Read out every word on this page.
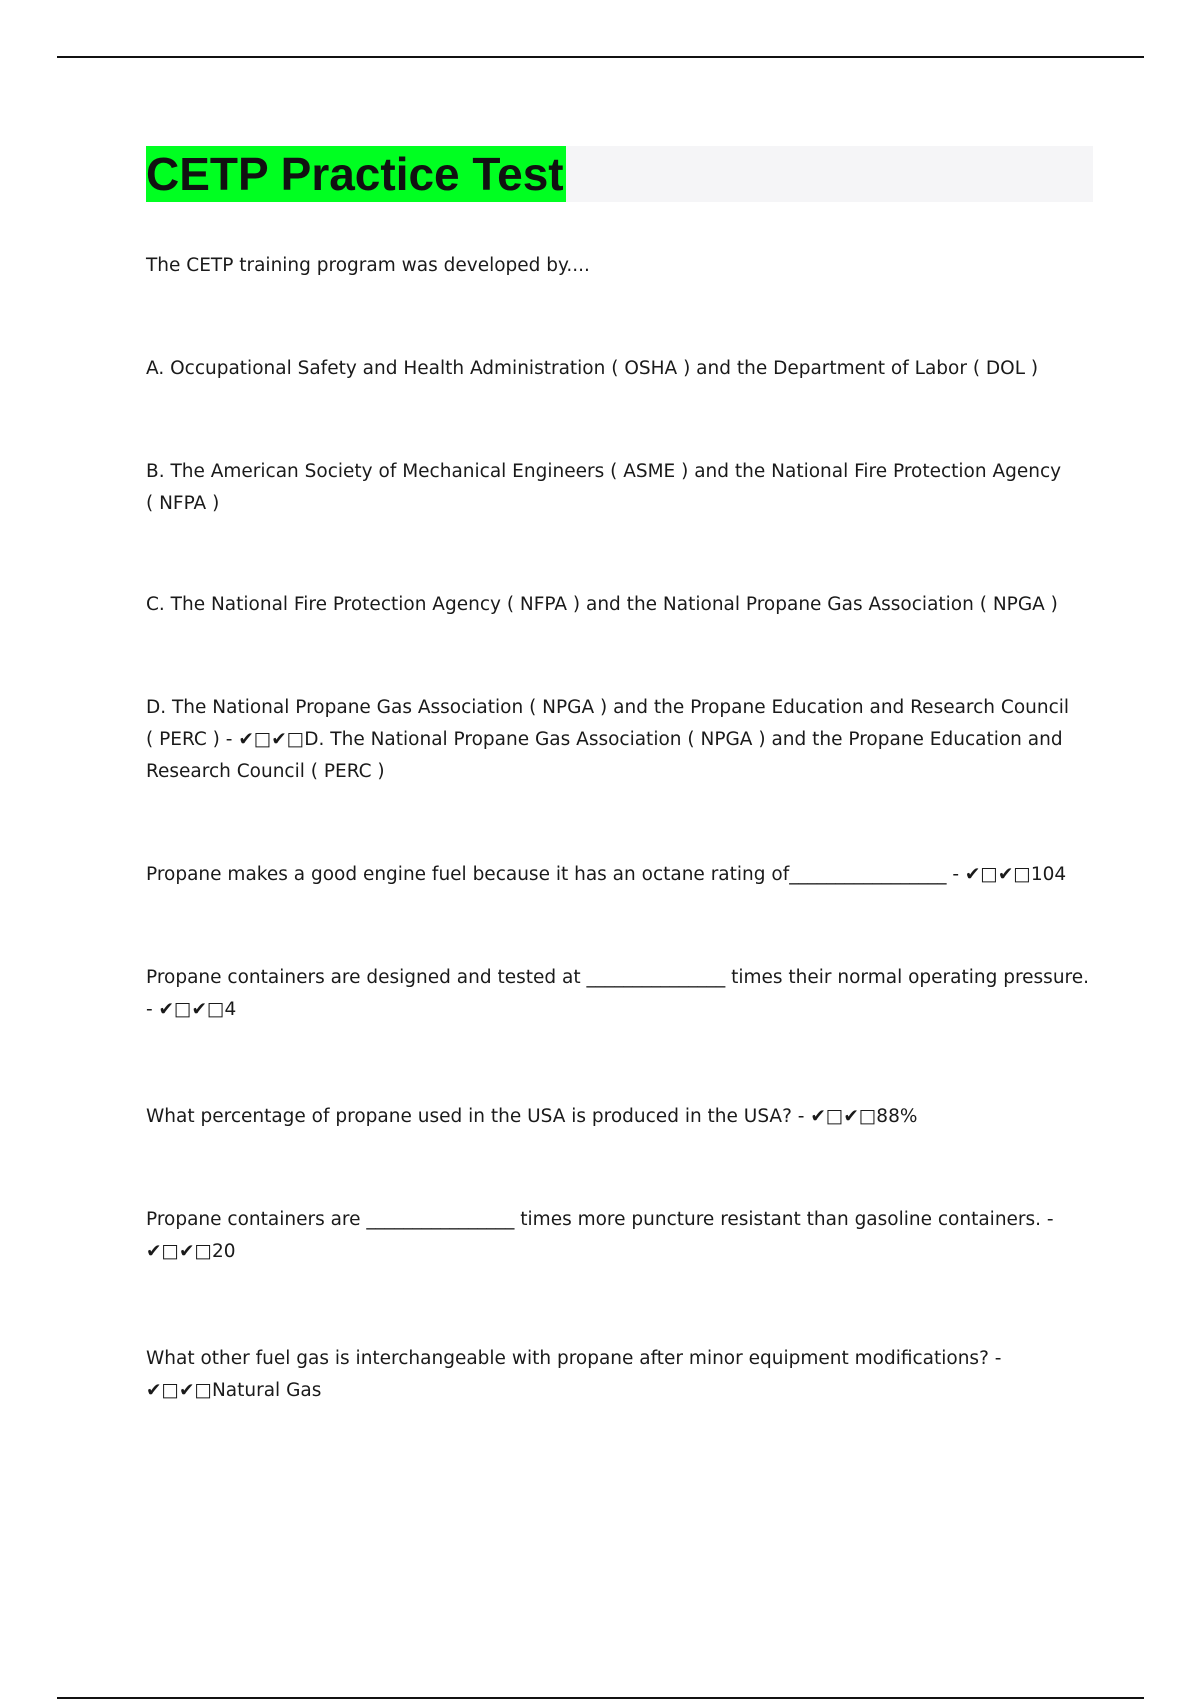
CETP Practice Test

The CETP training program was developed by....

A. Occupational Safety and Health Administration ( OSHA ) and the Department of Labor ( DOL )

B. The American Society of Mechanical Engineers ( ASME ) and the National Fire Protection Agency ( NFPA )

C. The National Fire Protection Agency ( NFPA ) and the National Propane Gas Association ( NPGA )

D. The National Propane Gas Association ( NPGA ) and the Propane Education and Research Council ( PERC ) - ✔□✔□D. The National Propane Gas Association ( NPGA ) and the Propane Education and Research Council ( PERC )

Propane makes a good engine fuel because it has an octane rating of_________________ - ✔□✔□104

Propane containers are designed and tested at _______________ times their normal operating pressure. - ✔□✔□4

What percentage of propane used in the USA is produced in the USA? - ✔□✔□88%

Propane containers are ________________ times more puncture resistant than gasoline containers. - ✔□✔□20

What other fuel gas is interchangeable with propane after minor equipment modifications? - ✔□✔□Natural Gas
